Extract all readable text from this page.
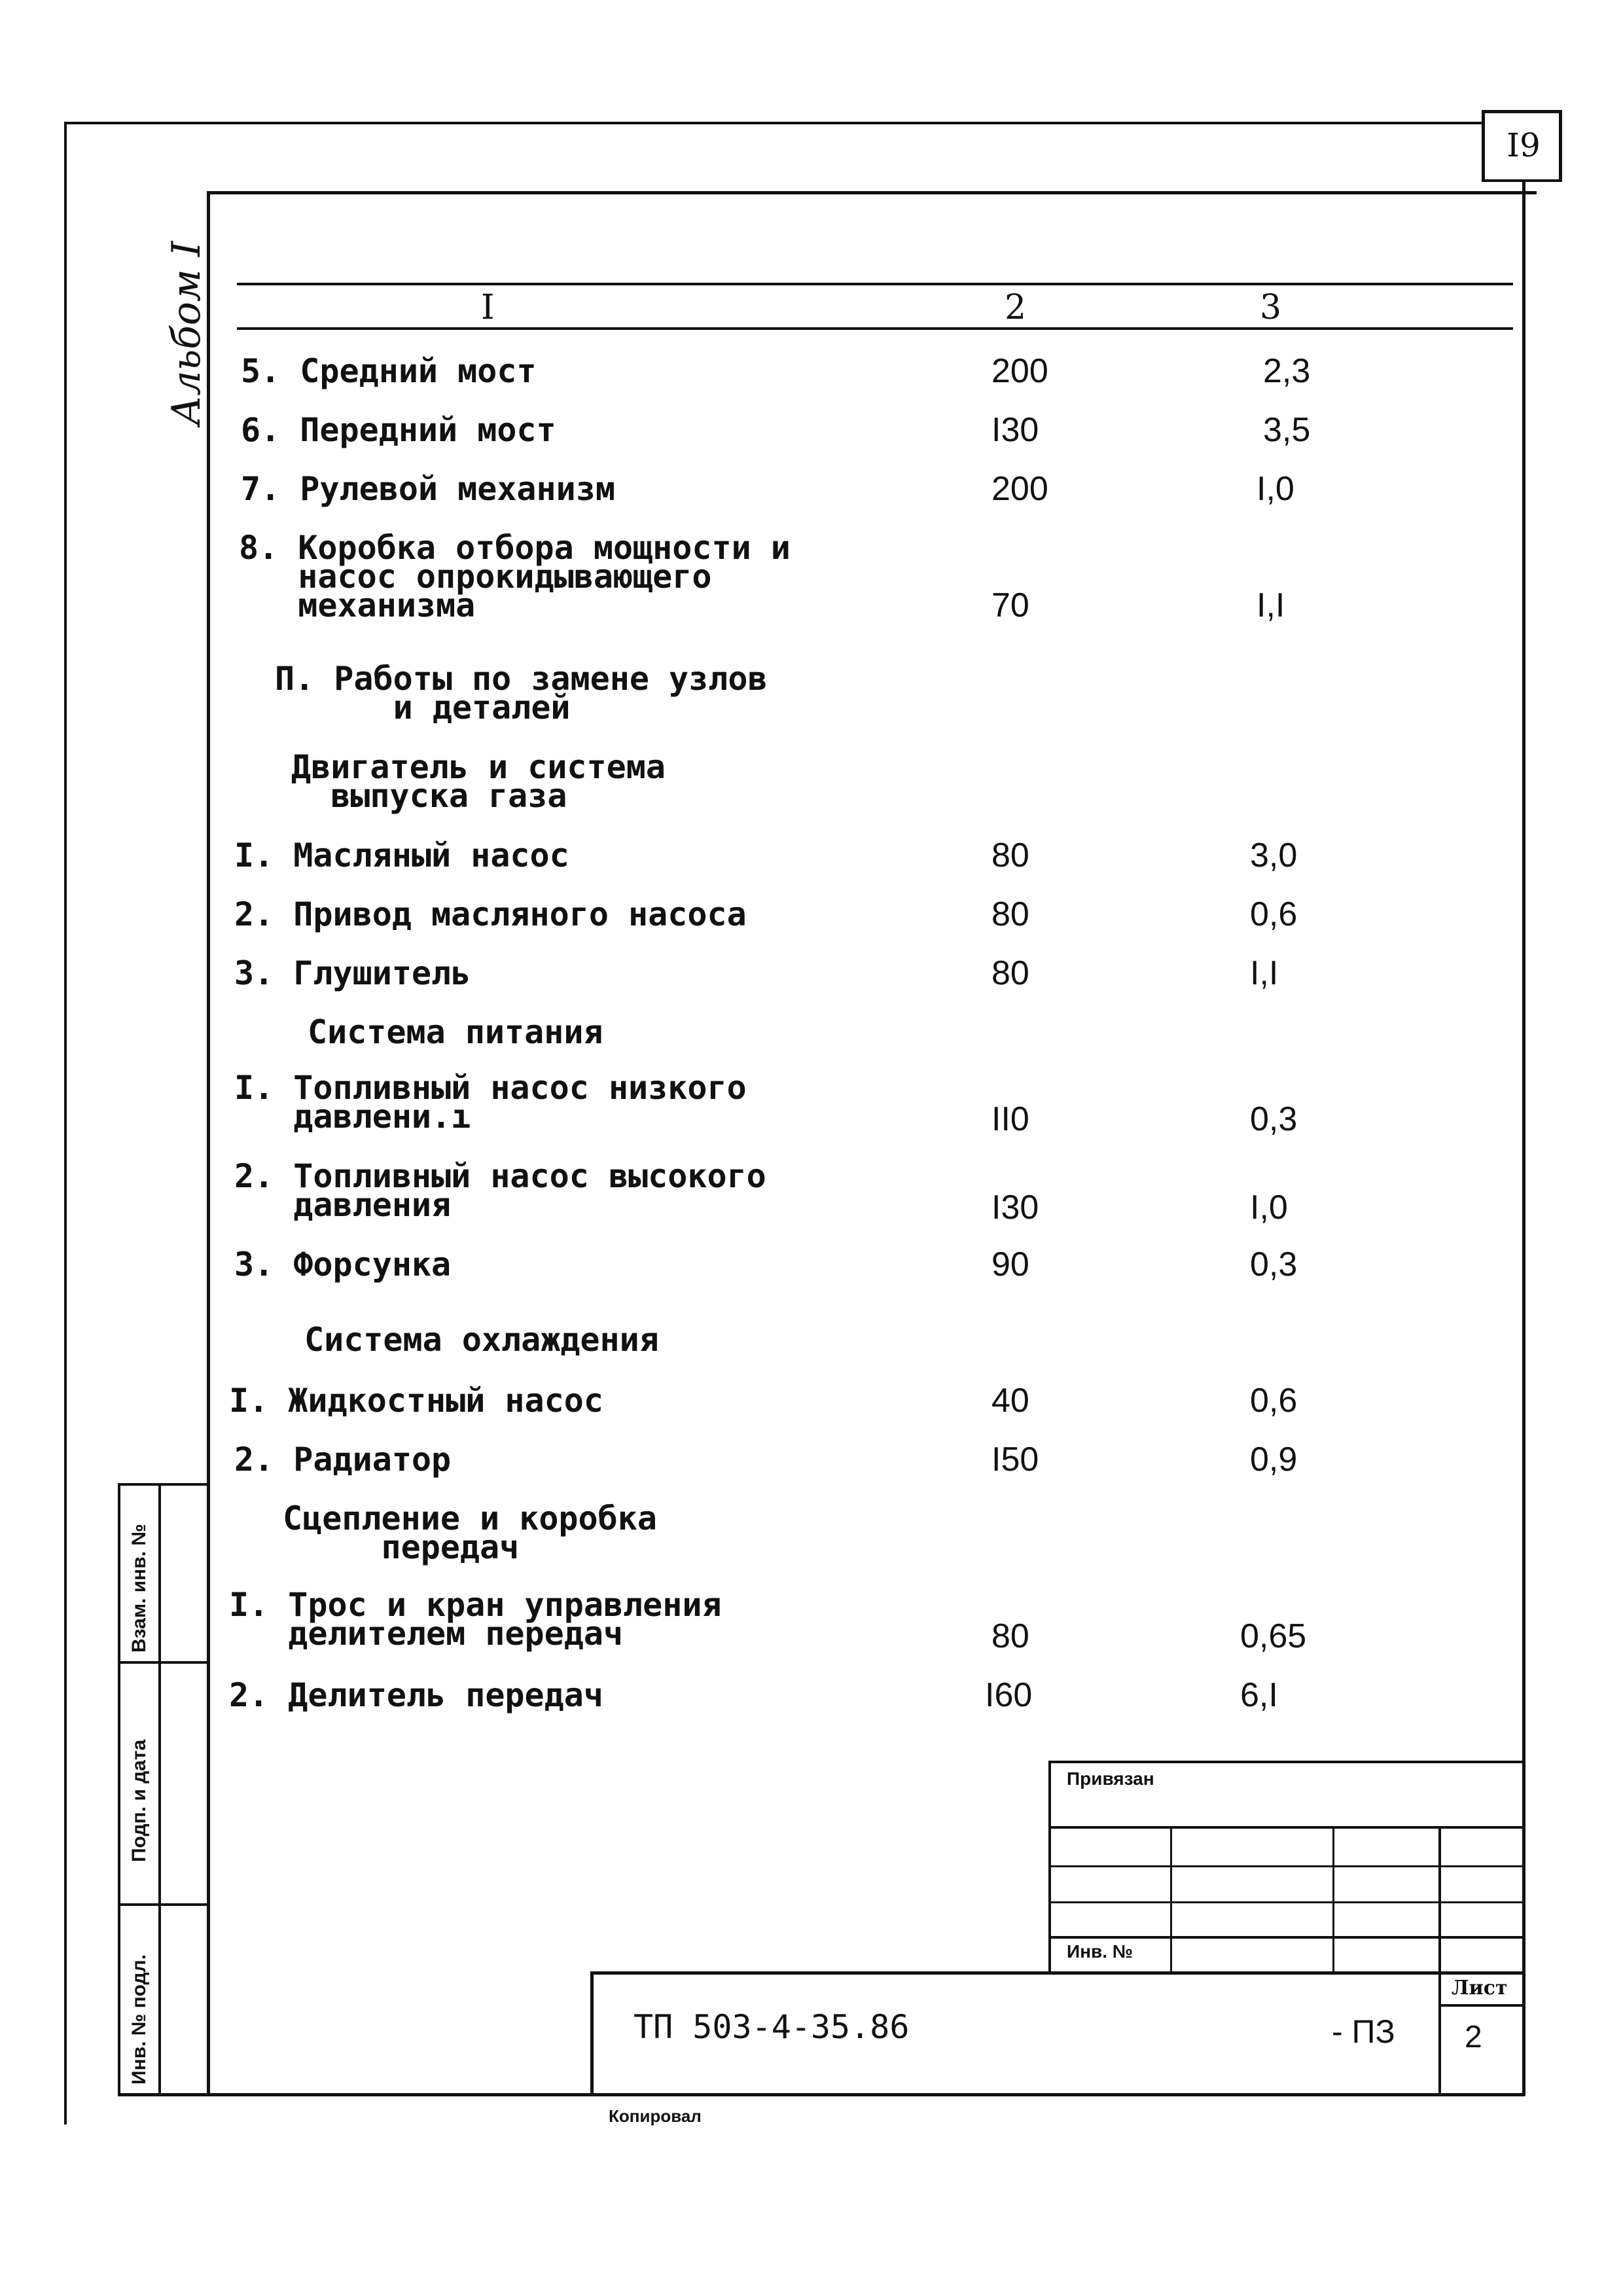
I9
Альбом I	I	2	3
5. Средний мост	200	2,3
6. Передний мост	I30	3,5
7. Рулевой механизм	200	I,0
8. Коробка отбора мощности и
насос опрокидывающего
механизма	70	I,I
П. Работы по замене узлов
и деталей
Двигатель и система
выпуска газа
I. Масляный насос	80	3,0
2. Привод масляного насоса	80	0,6
3. Глушитель	80	I,I
Система питания
I. Топливный насос низкого
давлени.ı	II0	0,3
2. Топливный насос высокого
давления	I30	I,0
3. Форсунка	90	0,3
Система охлаждения
I. Жидкостный насос	40	0,6
2. Радиатор	I50	0,9
Сцепление и коробка
передач
I. Трос и кран управления
делителем передач	80	0,65
2. Делитель передач	I60	6,I
Взам. инв. №
Подп. и дата
Инв. № подл.
Привязан
Инв. №
ТП 503-4-35.86	- ПЗ
Лист
2
Копировал
